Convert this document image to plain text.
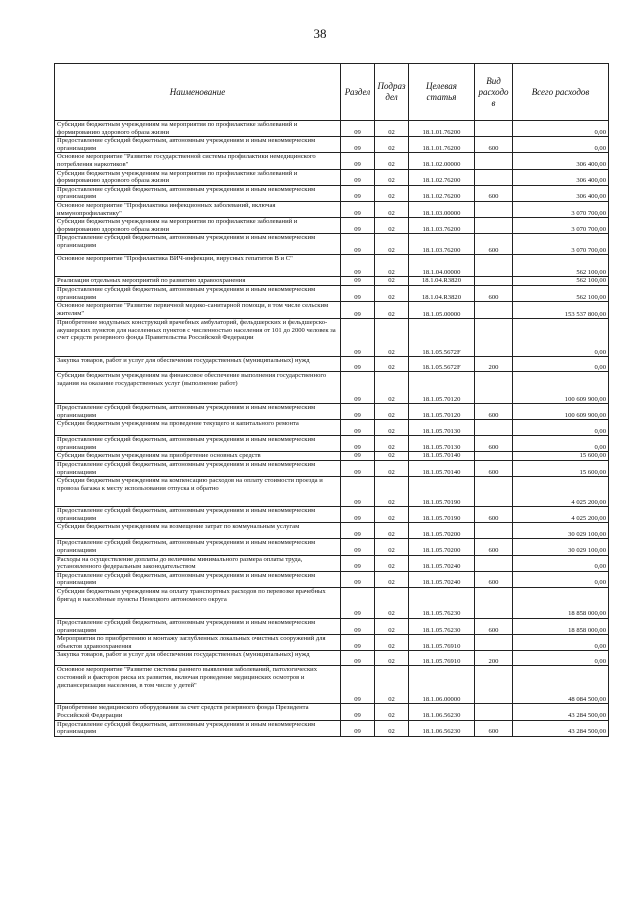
38
Наименование	Раздел	Подраз дел	Целевая статья	Вид расходо в	Всего расходов
Субсидии бюджетным учреждениям на мероприятия по профилактике заболеваний и формированию здорового образа жизни	09	02	18.1.01.76200		0,00
Предоставление субсидий бюджетным, автономным учреждениям и иным некоммерческим организациям	09	02	18.1.01.76200	600	0,00
Основное мероприятие "Развитие государственной системы профилактики немедицинского потребления наркотиков"	09	02	18.1.02.00000		306 400,00
Субсидии бюджетным учреждениям на мероприятия по профилактике заболеваний и формированию здорового образа жизни	09	02	18.1.02.76200		306 400,00
Предоставление субсидий бюджетным, автономным учреждениям и иным некоммерческим организациям	09	02	18.1.02.76200	600	306 400,00
Основное мероприятие "Профилактика инфекционных заболеваний, включая иммунопрофилактику"	09	02	18.1.03.00000		3 070 700,00
Субсидии бюджетным учреждениям на мероприятия по профилактике заболеваний и формированию здорового образа жизни	09	02	18.1.03.76200		3 070 700,00
Предоставление субсидий бюджетным, автономным учреждениям и иным некоммерческим организациям	09	02	18.1.03.76200	600	3 070 700,00
Основное мероприятие "Профилактика ВИЧ-инфекции, вирусных гепатитов В и С"	09	02	18.1.04.00000		562 100,00
Реализация отдельных мероприятий по развитию здравоохранения	09	02	18.1.04.R3820		562 100,00
Предоставление субсидий бюджетным, автономным учреждениям и иным некоммерческим организациям	09	02	18.1.04.R3820	600	562 100,00
Основное мероприятие "Развитие первичной медико-санитарной помощи, в том числе сельским жителям"	09	02	18.1.05.00000		153 537 800,00
Приобретение модульных конструкций врачебных амбулаторий, фельдшерских и фельдшерско-акушерских пунктов для населенных пунктов с численностью населения от 101 до 2000 человек за счет средств резервного фонда Правительства Российской Федерации	09	02	18.1.05.5672F		0,00
Закупка товаров, работ и услуг для обеспечения государственных (муниципальных) нужд	09	02	18.1.05.5672F	200	0,00
Субсидии бюджетным учреждениям на финансовое обеспечение выполнения государственного задания на оказание государственных услуг (выполнение работ)	09	02	18.1.05.70120		100 609 900,00
Предоставление субсидий бюджетным, автономным учреждениям и иным некоммерческим организациям	09	02	18.1.05.70120	600	100 609 900,00
Субсидии бюджетным учреждениям на проведение текущего и капитального ремонта	09	02	18.1.05.70130		0,00
Предоставление субсидий бюджетным, автономным учреждениям и иным некоммерческим организациям	09	02	18.1.05.70130	600	0,00
Субсидии бюджетным учреждениям на приобретение основных средств	09	02	18.1.05.70140		15 600,00
Предоставление субсидий бюджетным, автономным учреждениям и иным некоммерческим организациям	09	02	18.1.05.70140	600	15 600,00
Субсидии бюджетным учреждениям на компенсацию расходов на оплату стоимости проезда и провоза багажа к месту использования отпуска и обратно	09	02	18.1.05.70190		4 025 200,00
Предоставление субсидий бюджетным, автономным учреждениям и иным некоммерческим организациям	09	02	18.1.05.70190	600	4 025 200,00
Субсидии бюджетным учреждениям на возмещение затрат по коммунальным услугам	09	02	18.1.05.70200		30 029 100,00
Предоставление субсидий бюджетным, автономным учреждениям и иным некоммерческим организациям	09	02	18.1.05.70200	600	30 029 100,00
Расходы на осуществление доплаты до величины минимального размера оплаты труда, установленного федеральным законодательством	09	02	18.1.05.70240		0,00
Предоставление субсидий бюджетным, автономным учреждениям и иным некоммерческим организациям	09	02	18.1.05.70240	600	0,00
Субсидии бюджетным учреждениям на оплату транспортных расходов по перевозке врачебных бригад в населённые пункты Ненецкого автономного округа	09	02	18.1.05.76230		18 858 000,00
Предоставление субсидий бюджетным, автономным учреждениям и иным некоммерческим организациям	09	02	18.1.05.76230	600	18 858 000,00
Мероприятия по приобретению и монтажу заглубленных локальных очистных сооружений для объектов здравоохранения	09	02	18.1.05.76910		0,00
Закупка товаров, работ и услуг для обеспечения государственных (муниципальных) нужд	09	02	18.1.05.76910	200	0,00
Основное мероприятие "Развитие системы раннего выявления заболеваний, патологических состояний и факторов риска их развития, включая проведение медицинских осмотров и диспансеризации населения, в том числе у детей"	09	02	18.1.06.00000		48 084 500,00
Приобретение медицинского оборудования за счет средств резервного фонда Президента Российской Федерации	09	02	18.1.06.56230		43 284 500,00
Предоставление субсидий бюджетным, автономным учреждениям и иным некоммерческим организациям	09	02	18.1.06.56230	600	43 284 500,00
